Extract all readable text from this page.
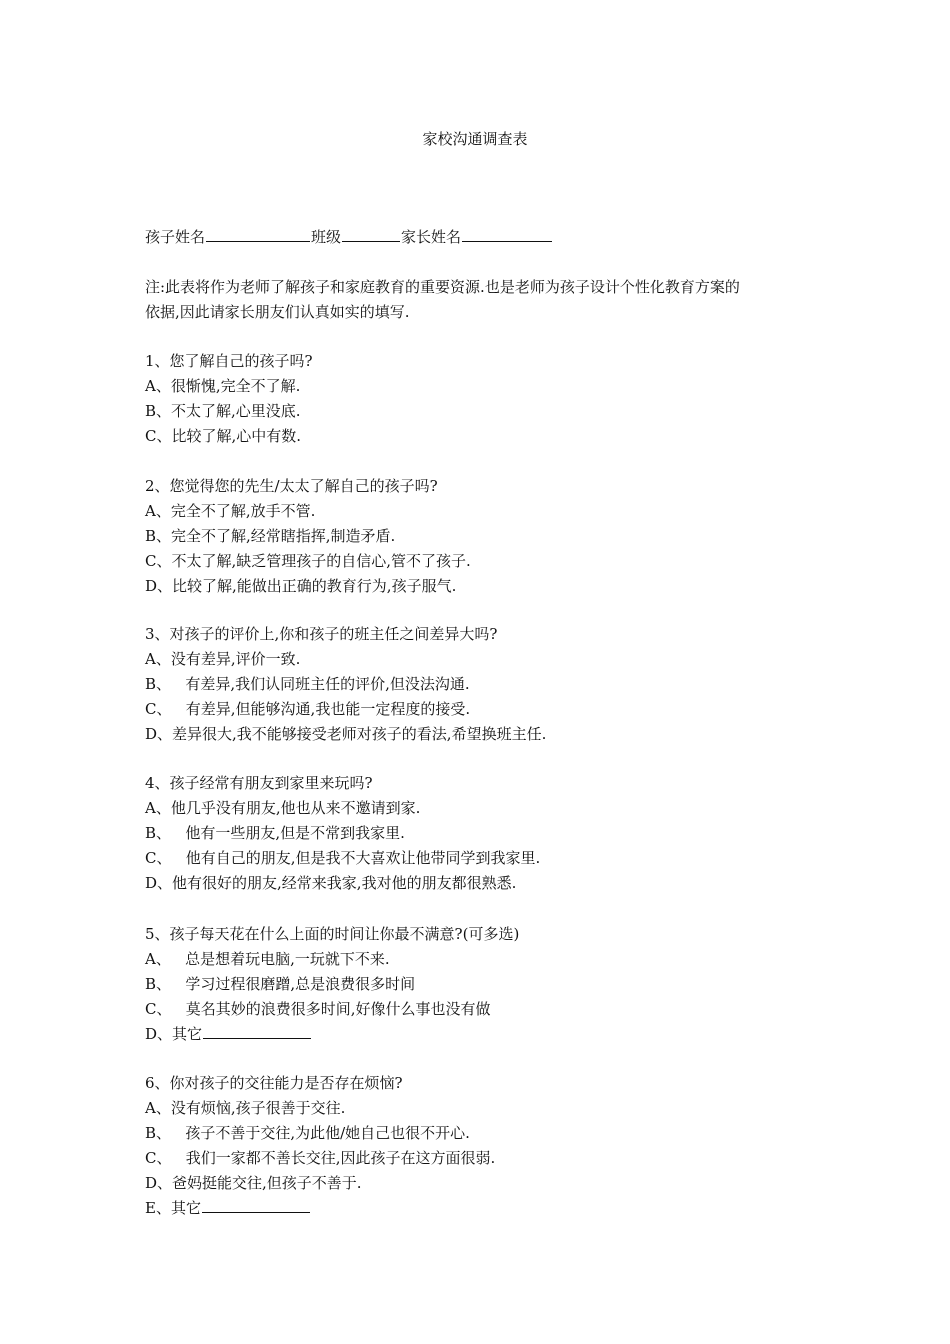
家校沟通调查表
孩子姓名	班级	家长姓名
注:此表将作为老师了解孩子和家庭教育的重要资源.也是老师为孩子设计个性化教育方案的
依据,因此请家长朋友们认真如实的填写.
1、您了解自己的孩子吗?
A、很惭愧,完全不了解.
B、不太了解,心里没底.
C、比较了解,心中有数.
2、您觉得您的先生/太太了解自己的孩子吗?
A、完全不了解,放手不管.
B、完全不了解,经常瞎指挥,制造矛盾.
C、不太了解,缺乏管理孩子的自信心,管不了孩子.
D、比较了解,能做出正确的教育行为,孩子服气.
3、对孩子的评价上,你和孩子的班主任之间差异大吗?
A、没有差异,评价一致.
B、   有差异,我们认同班主任的评价,但没法沟通.
C、   有差异,但能够沟通,我也能一定程度的接受.
D、差异很大,我不能够接受老师对孩子的看法,希望换班主任.
4、孩子经常有朋友到家里来玩吗?
A、他几乎没有朋友,他也从来不邀请到家.
B、   他有一些朋友,但是不常到我家里.
C、   他有自己的朋友,但是我不大喜欢让他带同学到我家里.
D、他有很好的朋友,经常来我家,我对他的朋友都很熟悉.
5、孩子每天花在什么上面的时间让你最不满意?(可多选)
A、   总是想着玩电脑,一玩就下不来.
B、   学习过程很磨蹭,总是浪费很多时间
C、   莫名其妙的浪费很多时间,好像什么事也没有做
D、其它
6、你对孩子的交往能力是否存在烦恼?
A、没有烦恼,孩子很善于交往.
B、   孩子不善于交往,为此他/她自己也很不开心.
C、   我们一家都不善长交往,因此孩子在这方面很弱.
D、爸妈挺能交往,但孩子不善于.
E、其它
